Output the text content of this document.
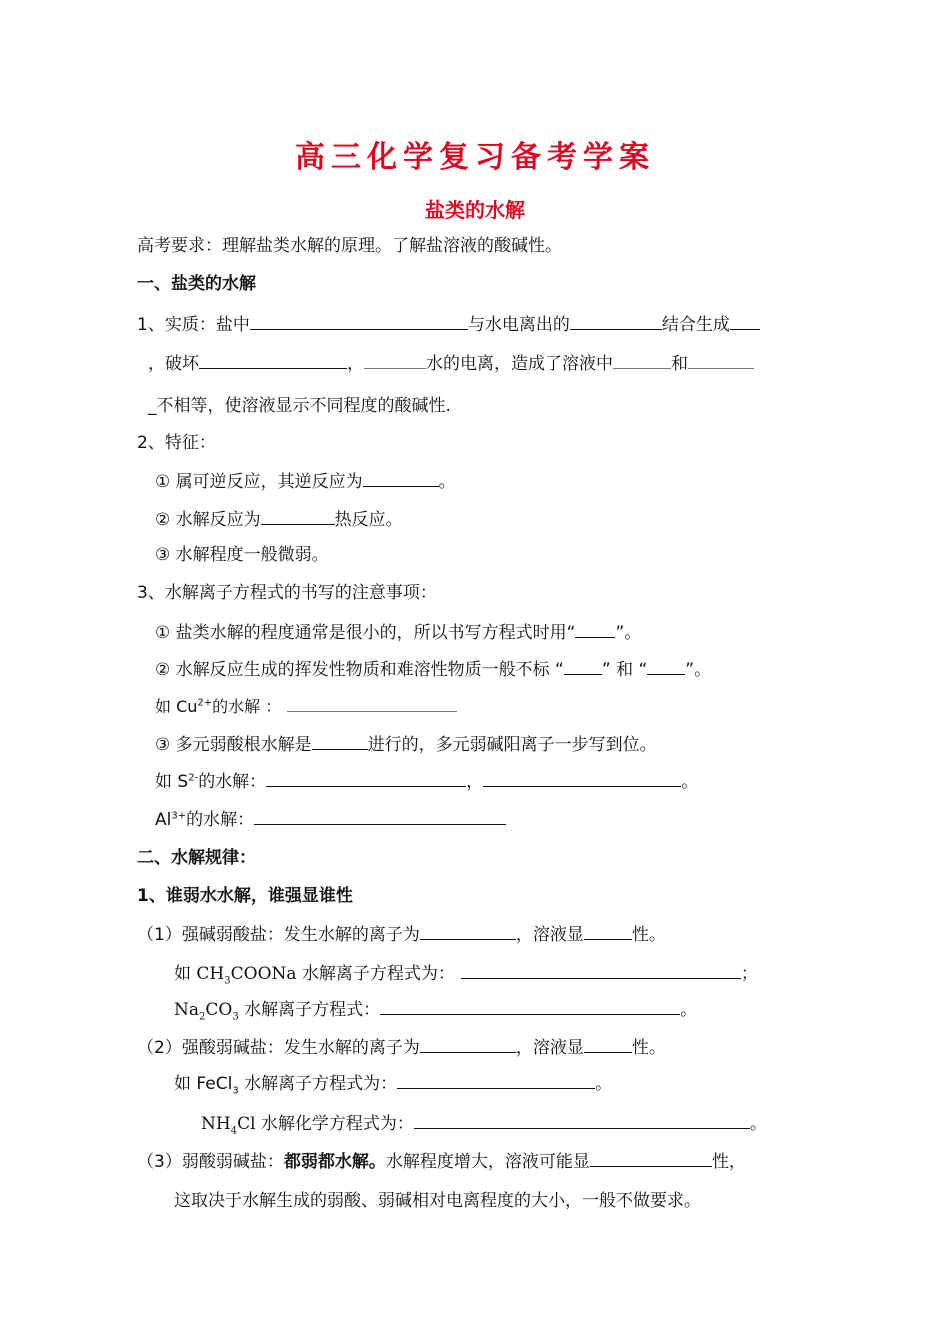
高三化学复习备考学案
盐类的水解
高考要求：理解盐类水解的原理。了解盐溶液的酸碱性。
一、盐类的水解
1、实质：盐中	与水电离出的	结合生成
，破坏	，	水的电离，造成了溶液中	和
_不相等，使溶液显示不同程度的酸碱性.
2、特征：
① 属可逆反应，其逆反应为	。
② 水解反应为	热反应。
③ 水解程度一般微弱。
3、水解离子方程式的书写的注意事项：
① 盐类水解的程度通常是很小的，所以书写方程式时用“ ”。
② 水解反应生成的挥发性物质和难溶性物质一般不标 “ ” 和 “ ”。
如 $Cu^{2+}$的水解 ：
③ 多元弱酸根水解是	进行的，多元弱碱阳离子一步写到位。
如 $S^{2-}$的水解：	，	。
$Al^{3+}$的水解：
二、水解规律：
1、谁弱水水解，谁强显谁性
（1）强碱弱酸盐：发生水解的离子为	，溶液显	性。
如 $CH_3COONa$ 水解离子方程式为：	；
$Na_2CO_3$ 水解离子方程式：	。
（2）强酸弱碱盐：发生水解的离子为	，溶液显	性。
如 FeCl$_3$ 水解离子方程式为：	。
$NH_4Cl$ 水解化学方程式为：	。
（3）弱酸弱碱盐：都弱都水解。水解程度增大，溶液可能显	性，
这取决于水解生成的弱酸、弱碱相对电离程度的大小，一般不做要求。
